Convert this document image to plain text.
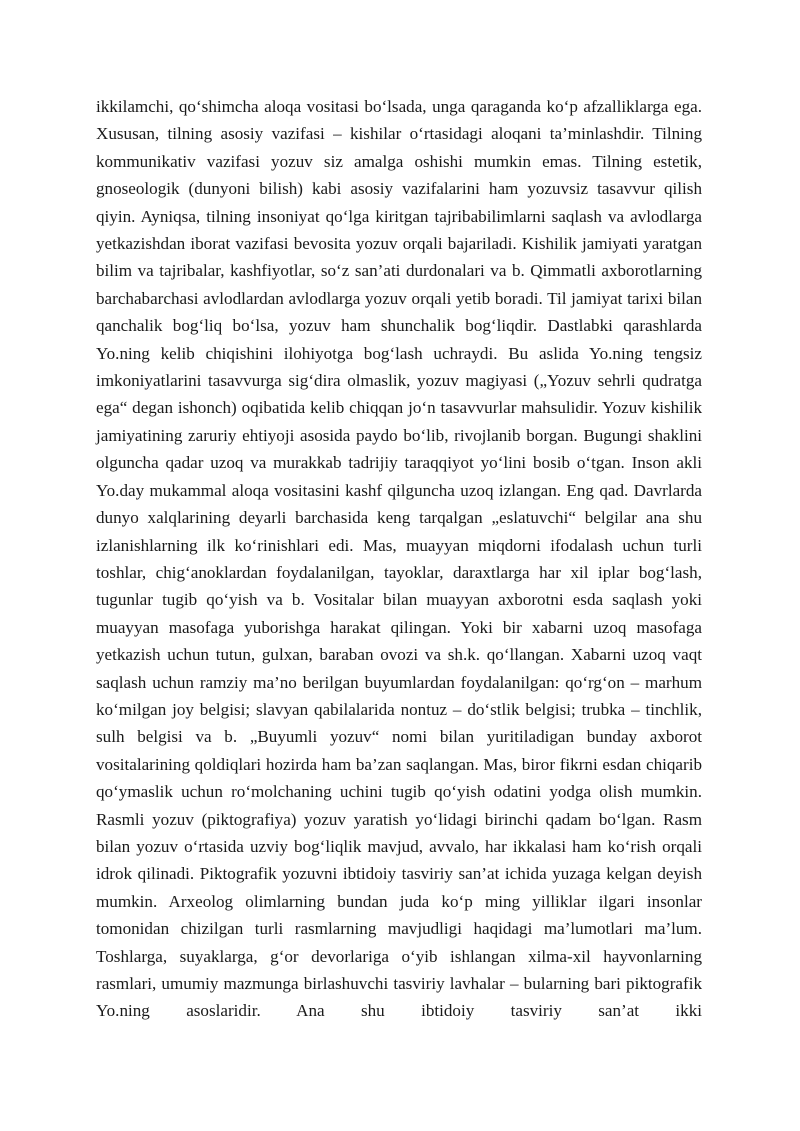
ikkilamchi, qo‘shimcha aloqa vositasi bo‘lsada, unga qaraganda ko‘p afzalliklarga ega. Xususan, tilning asosiy vazifasi – kishilar o‘rtasidagi aloqani ta’minlashdir. Tilning kommunikativ vazifasi yozuv siz amalga oshishi mumkin emas. Tilning estetik, gnoseologik (dunyoni bilish) kabi asosiy vazifalarini ham yozuvsiz tasavvur qilish qiyin. Ayniqsa, tilning insoniyat qo‘lga kiritgan tajribabilimlarni saqlash va avlodlarga yetkazishdan iborat vazifasi bevosita yozuv orqali bajariladi. Kishilik jamiyati yaratgan bilim va tajribalar, kashfiyotlar, so‘z san’ati durdonalari va b. Qimmatli axborotlarning barchabarchasi avlodlardan avlodlarga yozuv orqali yetib boradi. Til jamiyat tarixi bilan qanchalik bog‘liq bo‘lsa, yozuv ham shunchalik bog‘liqdir. Dastlabki qarashlarda Yo.ning kelib chiqishini ilohiyotga bog‘lash uchraydi. Bu aslida Yo.ning tengsiz imkoniyatlarini tasavvurga sig‘dira olmaslik, yozuv magiyasi („Yozuv sehrli qudratga ega“ degan ishonch) oqibatida kelib chiqqan jo‘n tasavvurlar mahsulidir. Yozuv kishilik jamiyatining zaruriy ehtiyoji asosida paydo bo‘lib, rivojlanib borgan. Bugungi shaklini olguncha qadar uzoq va murakkab tadrijiy taraqqiyot yo‘lini bosib o‘tgan. Inson akli Yo.day mukammal aloqa vositasini kashf qilguncha uzoq izlangan. Eng qad. Davrlarda dunyo xalqlarining deyarli barchasida keng tarqalgan „eslatuvchi“ belgilar ana shu izlanishlarning ilk ko‘rinishlari edi. Mas, muayyan miqdorni ifodalash uchun turli toshlar, chig‘anoklardan foydalanilgan, tayoklar, daraxtlarga har xil iplar bog‘lash, tugunlar tugib qo‘yish va b. Vositalar bilan muayyan axborotni esda saqlash yoki muayyan masofaga yuborishga harakat qilingan. Yoki bir xabarni uzoq masofaga yetkazish uchun tutun, gulxan, baraban ovozi va sh.k. qo‘llangan. Xabarni uzoq vaqt saqlash uchun ramziy ma’no berilgan buyumlardan foydalanilgan: qo‘rg‘on – marhum ko‘milgan joy belgisi; slavyan qabilalarida nontuz – do‘stlik belgisi; trubka – tinchlik, sulh belgisi va b. „Buyumli yozuv“ nomi bilan yuritiladigan bunday axborot vositalarining qoldiqlari hozirda ham ba’zan saqlangan. Mas, biror fikrni esdan chiqarib qo‘ymaslik uchun ro‘molchaning uchini tugib qo‘yish odatini yodga olish mumkin. Rasmli yozuv (piktografiya) yozuv yaratish yo‘lidagi birinchi qadam bo‘lgan. Rasm bilan yozuv o‘rtasida uzviy bog‘liqlik mavjud, avvalo, har ikkalasi ham ko‘rish orqali idrok qilinadi. Piktografik yozuvni ibtidoiy tasviriy san’at ichida yuzaga kelgan deyish mumkin. Arxeolog olimlarning bundan juda ko‘p ming yilliklar ilgari insonlar tomonidan chizilgan turli rasmlarning mavjudligi haqidagi ma’lumotlari ma’lum. Toshlarga, suyaklarga, g‘or devorlariga o‘yib ishlangan xilma-xil hayvonlarning rasmlari, umumiy mazmunga birlashuvchi tasviriy lavhalar – bularning bari piktografik Yo.ning asoslaridir. Ana shu ibtidoiy tasviriy san’at ikki
